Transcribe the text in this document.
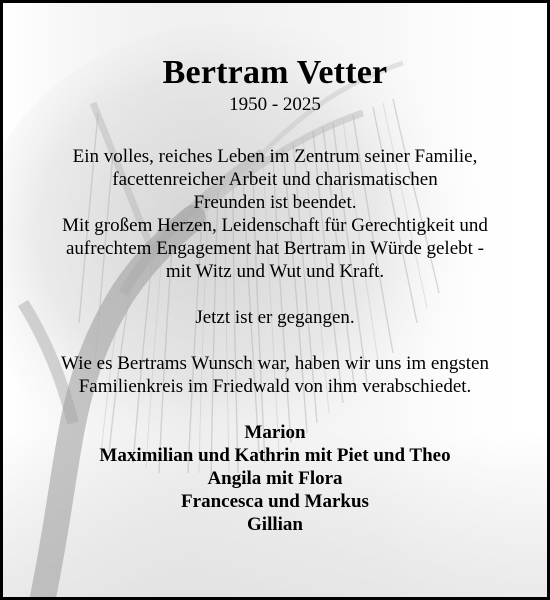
Bertram Vetter
1950 - 2025
Ein volles, reiches Leben im Zentrum seiner Familie,
facettenreicher Arbeit und charismatischen
Freunden ist beendet.
Mit großem Herzen, Leidenschaft für Gerechtigkeit und
aufrechtem Engagement hat Bertram in Würde gelebt -
mit Witz und Wut und Kraft.
Jetzt ist er gegangen.
Wie es Bertrams Wunsch war, haben wir uns im engsten
Familienkreis im Friedwald von ihm verabschiedet.
Marion
Maximilian und Kathrin mit Piet und Theo
Angila mit Flora
Francesca und Markus
Gillian
